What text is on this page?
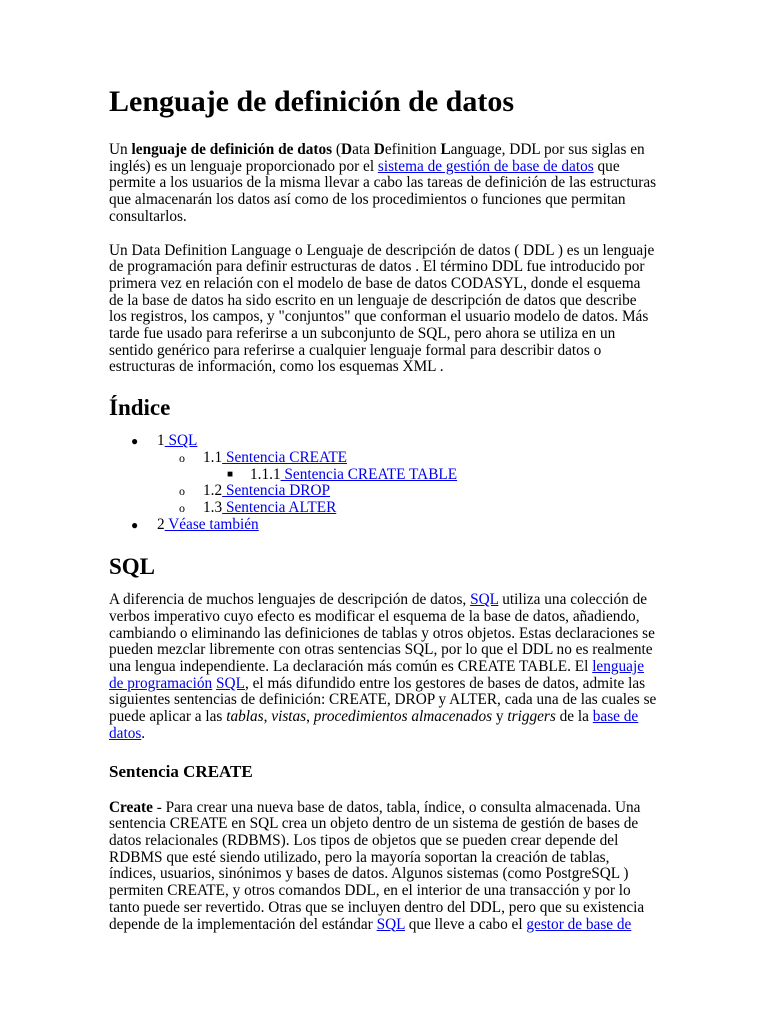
Lenguaje de definición de datos

Un lenguaje de definición de datos (Data Definition Language, DDL por sus siglas en inglés) es un lenguaje proporcionado por el sistema de gestión de base de datos que permite a los usuarios de la misma llevar a cabo las tareas de definición de las estructuras que almacenarán los datos así como de los procedimientos o funciones que permitan consultarlos.

Un Data Definition Language o Lenguaje de descripción de datos ( DDL ) es un lenguaje de programación para definir estructuras de datos . El término DDL fue introducido por primera vez en relación con el modelo de base de datos CODASYL, donde el esquema de la base de datos ha sido escrito en un lenguaje de descripción de datos que describe los registros, los campos, y "conjuntos" que conforman el usuario modelo de datos. Más tarde fue usado para referirse a un subconjunto de SQL, pero ahora se utiliza en un sentido genérico para referirse a cualquier lenguaje formal para describir datos o estructuras de información, como los esquemas XML .

Índice
● 1 SQL
o 1.1 Sentencia CREATE
■ 1.1.1 Sentencia CREATE TABLE
o 1.2 Sentencia DROP
o 1.3 Sentencia ALTER
● 2 Véase también
SQL

A diferencia de muchos lenguajes de descripción de datos, SQL utiliza una colección de verbos imperativo cuyo efecto es modificar el esquema de la base de datos, añadiendo, cambiando o eliminando las definiciones de tablas y otros objetos. Estas declaraciones se pueden mezclar libremente con otras sentencias SQL, por lo que el DDL no es realmente una lengua independiente. La declaración más común es CREATE TABLE. El lenguaje de programación SQL, el más difundido entre los gestores de bases de datos, admite las siguientes sentencias de definición: CREATE, DROP y ALTER, cada una de las cuales se puede aplicar a las tablas, vistas, procedimientos almacenados y triggers de la base de datos.

Sentencia CREATE

Create - Para crear una nueva base de datos, tabla, índice, o consulta almacenada. Una sentencia CREATE en SQL crea un objeto dentro de un sistema de gestión de bases de datos relacionales (RDBMS). Los tipos de objetos que se pueden crear depende del RDBMS que esté siendo utilizado, pero la mayoría soportan la creación de tablas, índices, usuarios, sinónimos y bases de datos. Algunos sistemas (como PostgreSQL ) permiten CREATE, y otros comandos DDL, en el interior de una transacción y por lo tanto puede ser revertido. Otras que se incluyen dentro del DDL, pero que su existencia depende de la implementación del estándar SQL que lleve a cabo el gestor de base de
